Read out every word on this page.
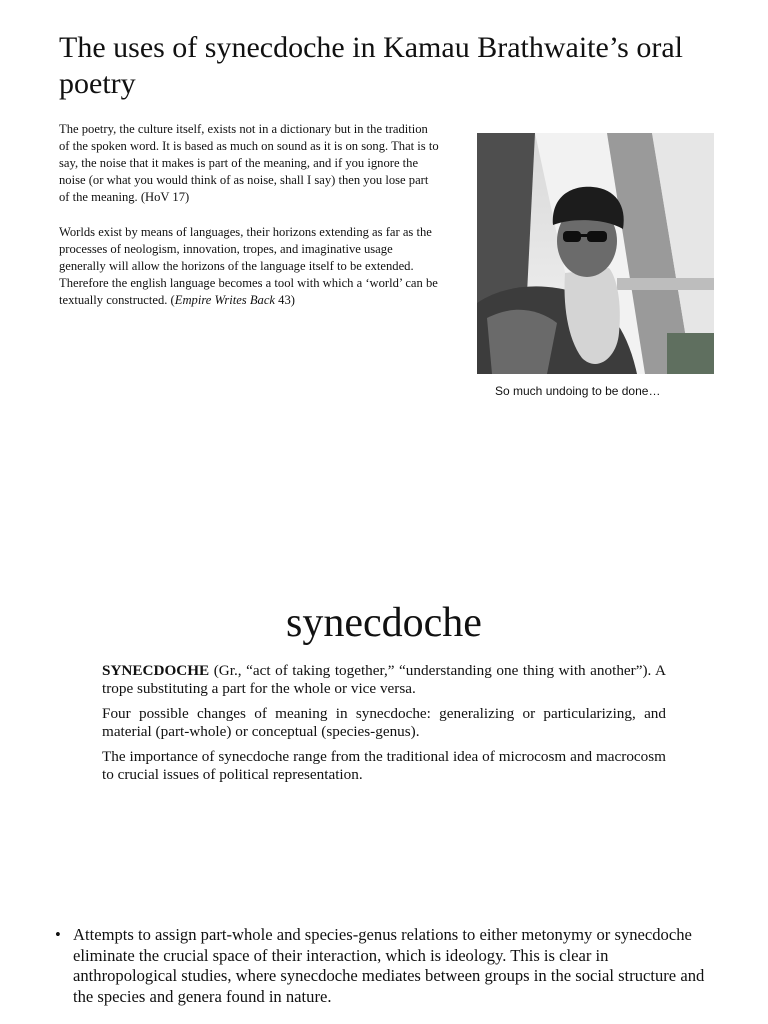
The uses of synecdoche in Kamau Brathwaite’s oral poetry

The poetry, the culture itself, exists not in a dictionary but in the tradition of the spoken word. It is based as much on sound as it is on song. That is to say, the noise that it makes is part of the meaning, and if you ignore the noise (or what you would think of as noise, shall I say) then you lose part of the meaning. (HoV 17)

Worlds exist by means of languages, their horizons extending as far as the processes of neologism, innovation, tropes, and imaginative usage generally will allow the horizons of the language itself to be extended. Therefore the english language becomes a tool with which a ‘world’ can be textually constructed. (Empire Writes Back 43)

So much undoing to be done…

synecdoche

SYNECDOCHE (Gr., “act of taking together,” “understanding one thing with another”). A trope substituting a part for the whole or vice versa.

Four possible changes of meaning in synecdoche: generalizing or particularizing, and material (part-whole) or conceptual (species-genus).

The importance of synecdoche range from the traditional idea of microcosm and macrocosm to crucial issues of political representation.

• Attempts to assign part-whole and species-genus relations to either metonymy or synecdoche eliminate the crucial space of their interaction, which is ideology. This is clear in anthropological studies, where synecdoche mediates between groups in the social structure and the species and genera found in nature.
